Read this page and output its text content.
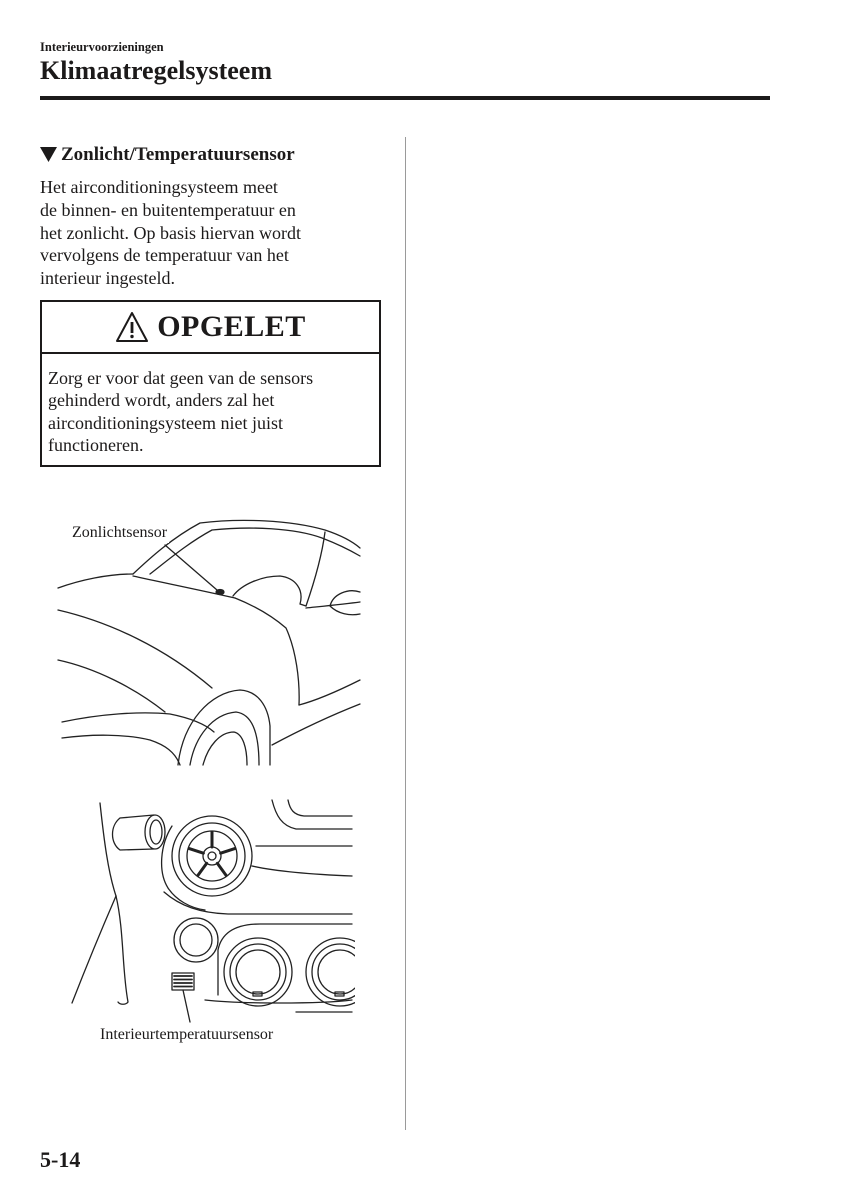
Interieurvoorzieningen
Klimaatregelsysteem
Zonlicht/Temperatuursensor
Het airconditioningsysteem meet
de binnen- en buitentemperatuur en
het zonlicht. Op basis hiervan wordt
vervolgens de temperatuur van het
interieur ingesteld.
OPGELET
Zorg er voor dat geen van de sensors
gehinderd wordt, anders zal het
airconditioningsysteem niet juist
functioneren.
Zonlichtsensor
Interieurtemperatuursensor
5-14
